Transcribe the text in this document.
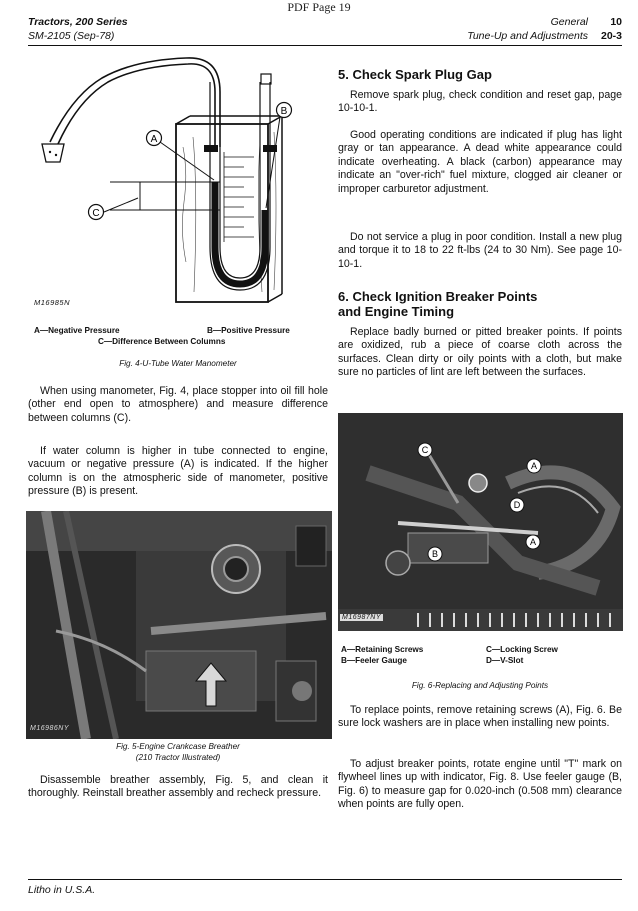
PDF Page 19
Tractors, 200 Series
SM-2105 (Sep-78)
General 10
Tune-Up and Adjustments 20-3
A
B
C
M16985N
A—Negative Pressure	B—Positive Pressure
C—Difference Between Columns
Fig. 4-U-Tube Water Manometer
When using manometer, Fig. 4, place stopper into oil fill hole (other end open to atmosphere) and measure difference between columns (C).
If water column is higher in tube connected to engine, vacuum or negative pressure (A) is indicated. If the higher column is on the atmospheric side of manometer, positive pressure (B) is present.
M16986NY
Fig. 5-Engine Crankcase Breather
(210 Tractor Illustrated)
Disassemble breather assembly, Fig. 5, and clean it thoroughly. Reinstall breather assembly and recheck pressure.
Litho in U.S.A.
5. Check Spark Plug Gap
Remove spark plug, check condition and reset gap, page 10-10-1.
Good operating conditions are indicated if plug has light gray or tan appearance. A dead white appearance could indicate overheating. A black (carbon) appearance may indicate an "over-rich" fuel mixture, clogged air cleaner or improper carburetor adjustment.
Do not service a plug in poor condition. Install a new plug and torque it to 18 to 22 ft-lbs (24 to 30 Nm). See page 10-10-1.
6. Check Ignition Breaker Points
and Engine Timing
Replace badly burned or pitted breaker points. If points are oxidized, rub a piece of coarse cloth across the surfaces. Clean dirty or oily points with a cloth, but make sure no particles of lint are left between the surfaces.
C
A
D
B
A
M16987NY
A—Retaining Screws	C—Locking Screw
B—Feeler Gauge	D—V-Slot
Fig. 6-Replacing and Adjusting Points
To replace points, remove retaining screws (A), Fig. 6. Be sure lock washers are in place when installing new points.
To adjust breaker points, rotate engine until "T" mark on flywheel lines up with indicator, Fig. 8. Use feeler gauge (B, Fig. 6) to measure gap for 0.020-inch (0.508 mm) clearance when points are fully open.
